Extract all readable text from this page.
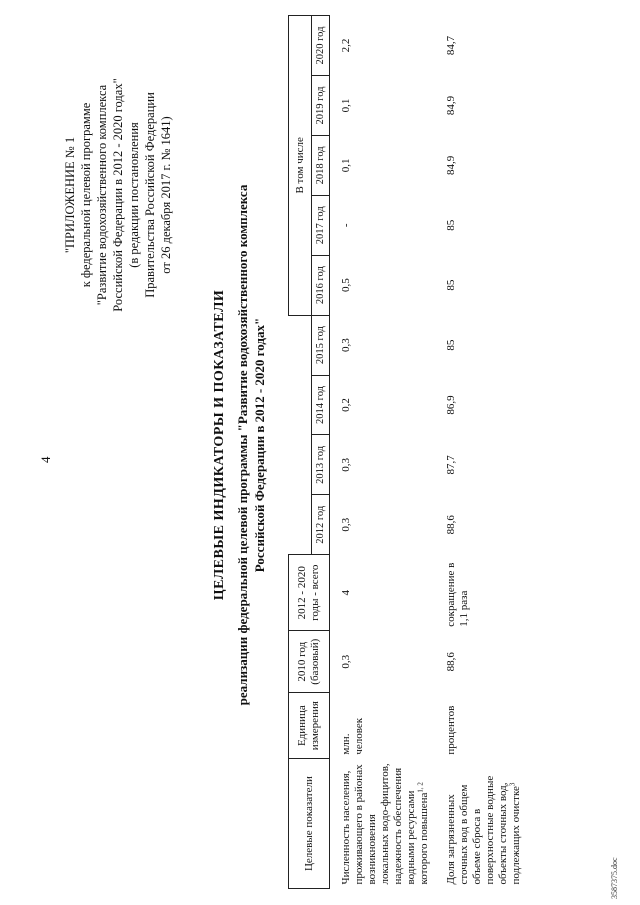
4
"ПРИЛОЖЕНИЕ № 1 к федеральной целевой программе "Развитие водохозяйственного комплекса Российской Федерации в 2012 - 2020 годах" (в редакции постановления Правительства Российской Федерации от 26 декабря 2017 г. № 1641)
ЦЕЛЕВЫЕ ИНДИКАТОРЫ И ПОКАЗАТЕЛИ реализации федеральной целевой программы "Развитие водохозяйственного комплекса Российской Федерации в 2012 - 2020 годах"
Целевые показатели	Единица измерения	2010 год (базовый)	2012 - 2020 годы - всего					В том числе				
				2012 год	2013 год	2014 год	2015 год	2016 год	2017 год	2018 год	2019 год	2020 год
Численность населения, проживающего в районах возникновения локальных водо-фицитов, надежность обеспечения водными ресурсами которого повышена$^{1, 2}$	млн. человек	0,3	4	0,3	0,3	0,2	0,3	0,5	-	0,1	0,1	2,2
Доля загрязненных сточных вод в общем объеме сброса в поверхностные водные объекты сточных вод, подлежащих очистке$^3$	процентов	88,6	сокращение в 1,1 раза	88,6	87,7	86,9	85	85	85	84,9	84,9	84,7
3587375.doc
